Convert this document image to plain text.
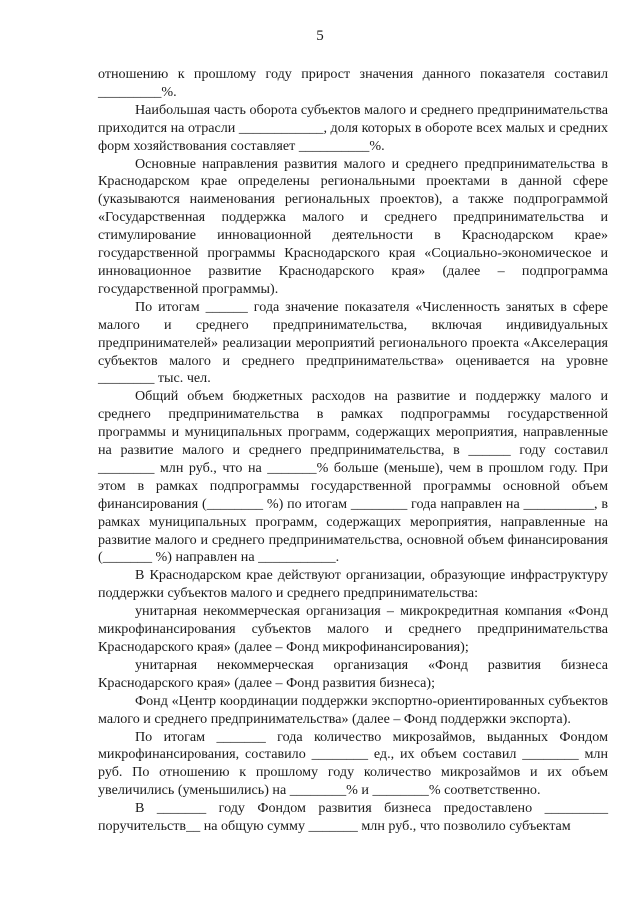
5

отношению к прошлому году прирост значения данного показателя составил _________%.

Наибольшая часть оборота субъектов малого и среднего предпринимательства приходится на отрасли ____________, доля которых в обороте всех малых и средних форм хозяйствования составляет __________%.

Основные направления развития малого и среднего предпринимательства в Краснодарском крае определены региональными проектами в данной сфере (указываются наименования региональных проектов), а также подпрограммой «Государственная поддержка малого и среднего предпринимательства и стимулирование инновационной деятельности в Краснодарском крае» государственной программы Краснодарского края «Социально-экономическое и инновационное развитие Краснодарского края» (далее – подпрограмма государственной программы).

По итогам ______ года значение показателя «Численность занятых в сфере малого и среднего предпринимательства, включая индивидуальных предпринимателей» реализации мероприятий регионального проекта «Акселерация субъектов малого и среднего предпринимательства» оценивается на уровне ________ тыс. чел.

Общий объем бюджетных расходов на развитие и поддержку малого и среднего предпринимательства в рамках подпрограммы государственной программы и муниципальных программ, содержащих мероприятия, направленные на развитие малого и среднего предпринимательства, в ______ году составил ________ млн руб., что на _______% больше (меньше), чем в прошлом году. При этом в рамках подпрограммы государственной программы основной объем финансирования (________ %) по итогам ________ года направлен на __________, в рамках муниципальных программ, содержащих мероприятия, направленные на развитие малого и среднего предпринимательства, основной объем финансирования (_______ %) направлен на ___________.

В Краснодарском крае действуют организации, образующие инфраструктуру поддержки субъектов малого и среднего предпринимательства:

унитарная некоммерческая организация – микрокредитная компания «Фонд микрофинансирования субъектов малого и среднего предпринимательства Краснодарского края» (далее – Фонд микрофинансирования);

унитарная некоммерческая организация «Фонд развития бизнеса Краснодарского края» (далее – Фонд развития бизнеса);

Фонд «Центр координации поддержки экспортно-ориентированных субъектов малого и среднего предпринимательства» (далее – Фонд поддержки экспорта).

По итогам _______ года количество микрозаймов, выданных Фондом микрофинансирования, составило ________ ед., их объем составил ________ млн руб. По отношению к прошлому году количество микрозаймов и их объем увеличились (уменьшились) на ________% и ________% соответственно.

В _______ году Фондом развития бизнеса предоставлено _________ поручительств__ на общую сумму _______ млн руб., что позволило субъектам
